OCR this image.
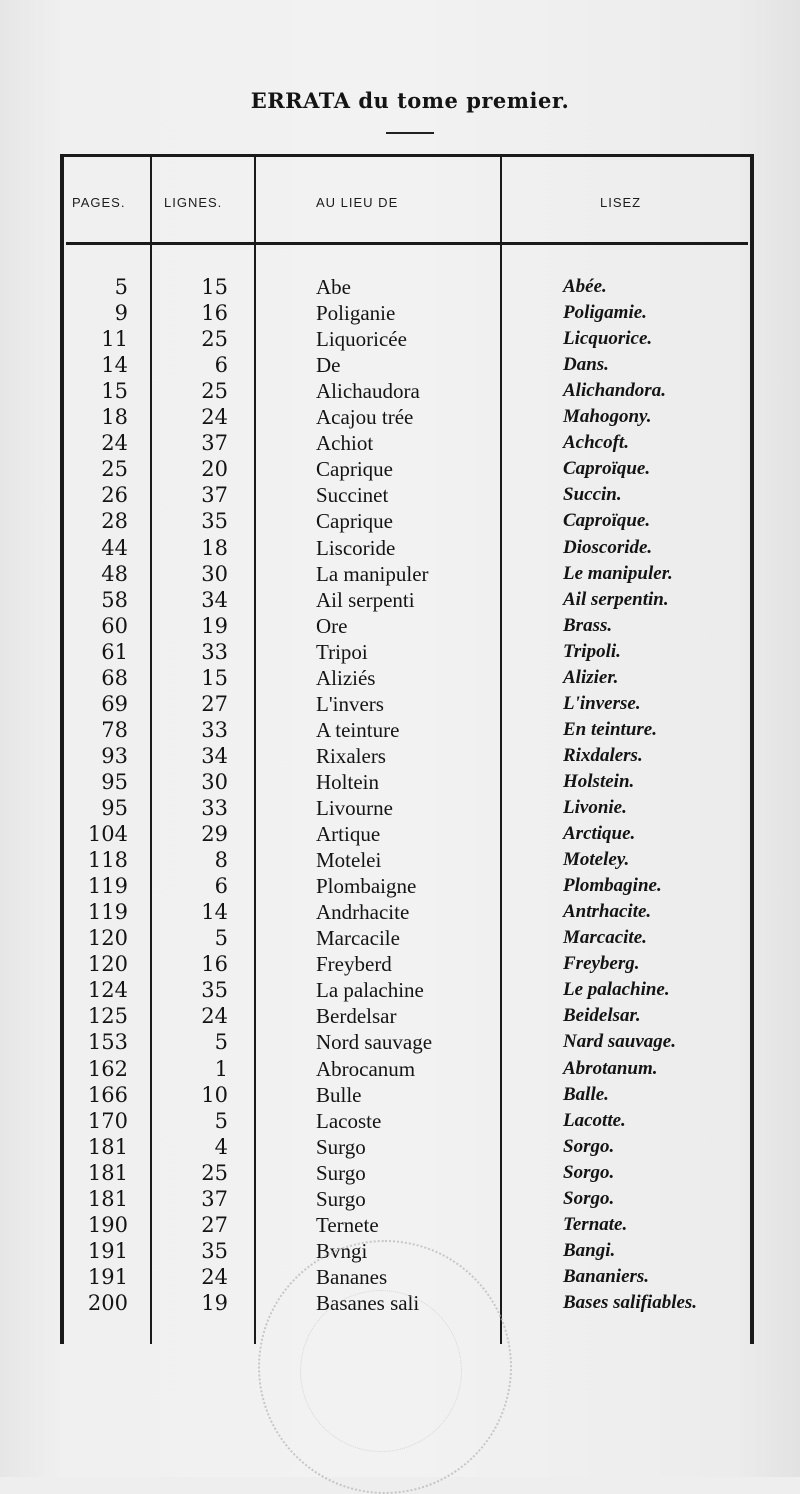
ERRATA du tome premier.
PAGES.	LIGNES.	AU LIEU DE	LISEZ
5	15	Abe	Abée.
9	16	Poliganie	Poligamie.
11	25	Liquoricée	Licquorice.
14	6	De	Dans.
15	25	Alichaudora	Alichandora.
18	24	Acajou trée	Mahogony.
24	37	Achiot	Achcoft.
25	20	Caprique	Caproïque.
26	37	Succinet	Succin.
28	35	Caprique	Caproïque.
44	18	Liscoride	Dioscoride.
48	30	La manipuler	Le manipuler.
58	34	Ail serpenti	Ail serpentin.
60	19	Ore	Brass.
61	33	Tripoi	Tripoli.
68	15	Aliziés	Alizier.
69	27	L'invers	L'inverse.
78	33	A teinture	En teinture.
93	34	Rixalers	Rixdalers.
95	30	Holtein	Holstein.
95	33	Livourne	Livonie.
104	29	Artique	Arctique.
118	8	Motelei	Moteley.
119	6	Plombaigne	Plombagine.
119	14	Andrhacite	Antrhacite.
120	5	Marcacile	Marcacite.
120	16	Freyberd	Freyberg.
124	35	La palachine	Le palachine.
125	24	Berdelsar	Beidelsar.
153	5	Nord sauvage	Nard sauvage.
162	1	Abrocanum	Abrotanum.
166	10	Bulle	Balle.
170	5	Lacoste	Lacotte.
181	4	Surgo	Sorgo.
181	25	Surgo	Sorgo.
181	37	Surgo	Sorgo.
190	27	Ternete	Ternate.
191	35	Bvngi	Bangi.
191	24	Bananes	Bananiers.
200	19	Basanes sali	Bases salifiables.
